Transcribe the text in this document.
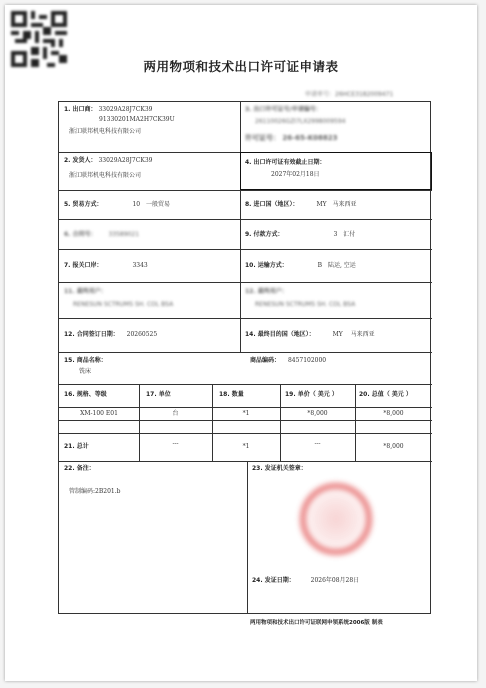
两用物项和技术出口许可证申请表
申请单号：26HCE3182009471
1. 出口商： 33029A28J7CK39
91330201MA2H7CK39U
浙江联邦机电科技有限公司
3. 出口许可证号/申请编号：
26110026GZI7LX2998009594
许可证号： 26-65-K08823
2. 发货人： 33029A28J7CK39
浙江联邦机电科技有限公司
4. 出口许可证有效截止日期：
2027年02月18日
5. 贸易方式：	10 一般贸易	8. 进口国（地区）：	MY 马来西亚
6. 合同号： 33589021	9. 付款方式：	3 汇付
7. 报关口岸：	3343	10. 运输方式：	B 陆运, 空运
11. 最终用户：
RENESUN SCTRUMS SH. COL BSA
12. 最终用户：
RENESUN SCTRUMS SH. COL BSA
12. 合同签订日期： 20260525	14. 最终目的国（地区）：	MY 马来西亚
15. 商品名称：
铣床
商品编码： 8457102000
16. 规格、等级	17. 单位	18. 数量	19. 单价（ 美元 ）	20. 总值（ 美元 ）
XM-100 E01	台	*1	*8,000	*8,000
21. 总计	---	*1	---	*8,000
22. 备注：
管制编码:2B201.b
23. 发证机关签章：
24. 发证日期：	2026年08月28日
两用物项和技术出口许可证联网申领系统2006版 制表
